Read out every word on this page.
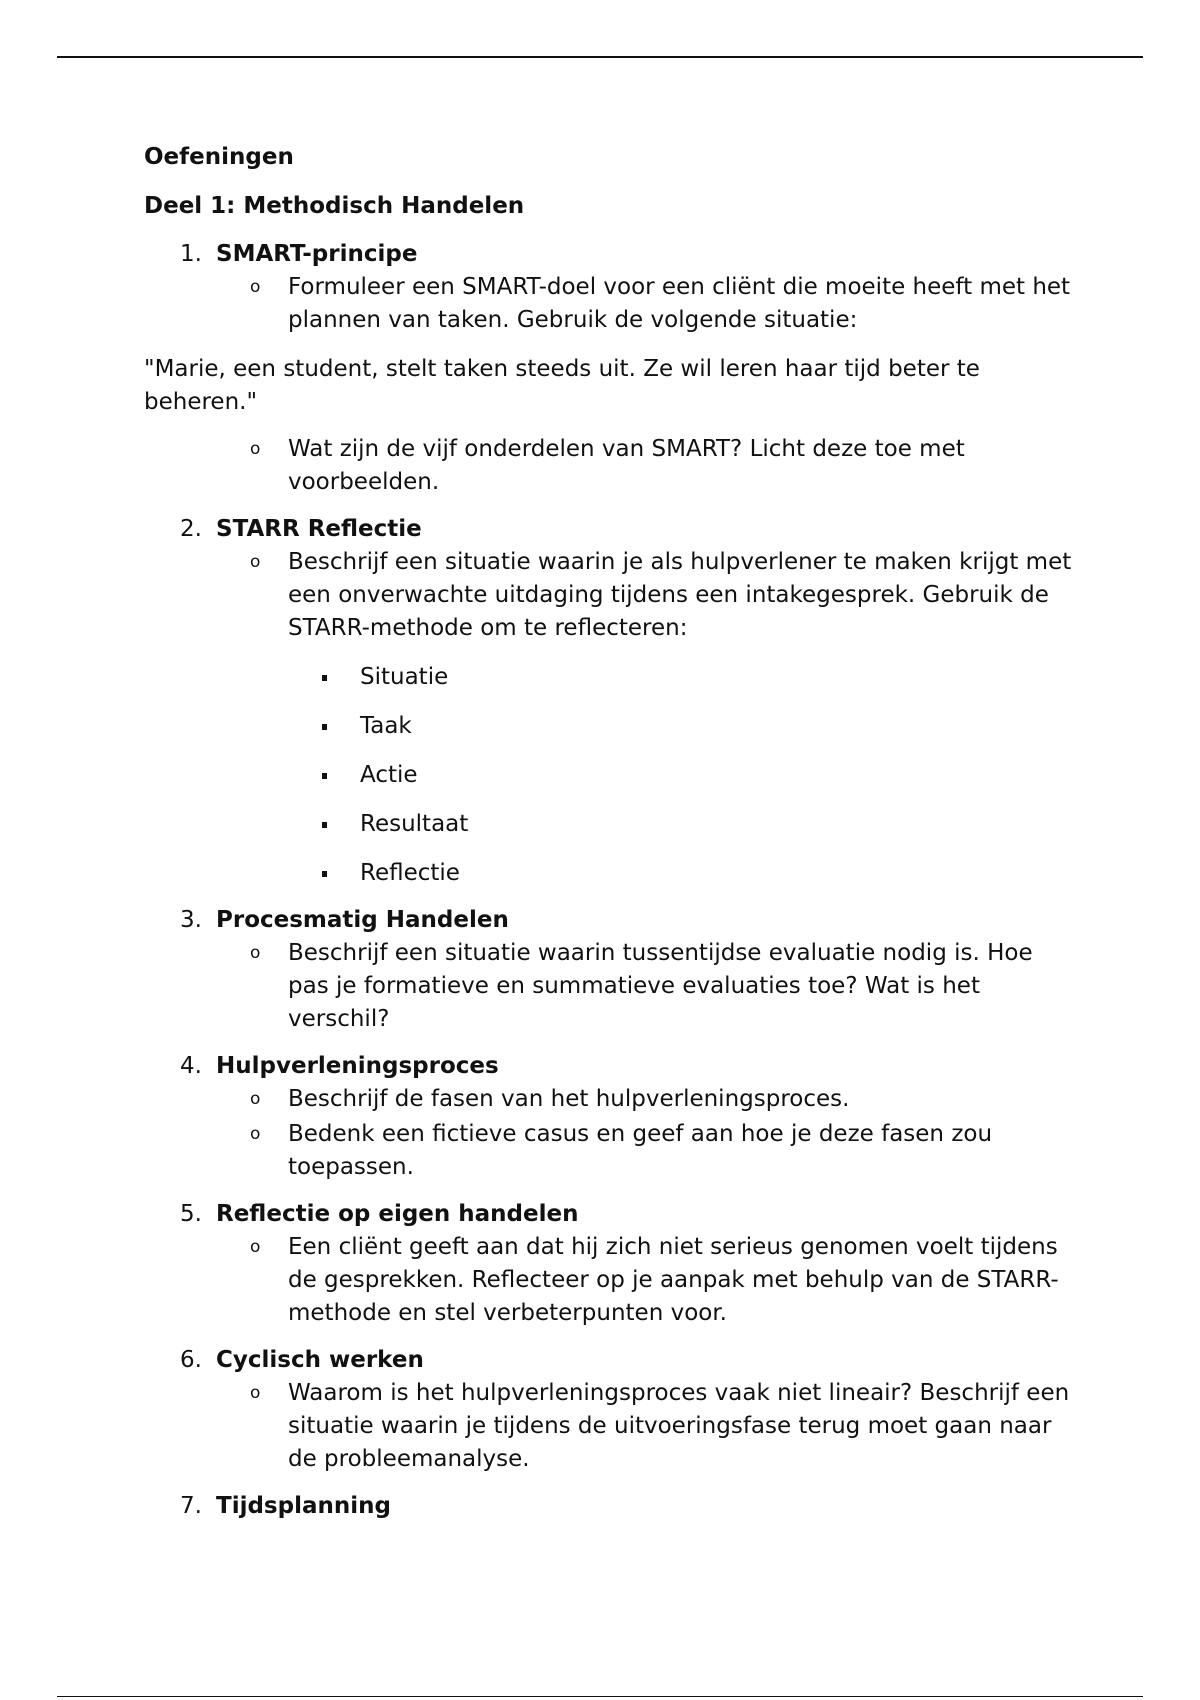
Oefeningen

Deel 1: Methodisch Handelen

1. SMART-principe
o Formuleer een SMART-doel voor een cliënt die moeite heeft met het plannen van taken. Gebruik de volgende situatie:

"Marie, een student, stelt taken steeds uit. Ze wil leren haar tijd beter te beheren."

o Wat zijn de vijf onderdelen van SMART? Licht deze toe met voorbeelden.
2. STARR Reflectie
o Beschrijf een situatie waarin je als hulpverlener te maken krijgt met een onverwachte uitdaging tijdens een intakegesprek. Gebruik de STARR-methode om te reflecteren:
Situatie
Taak
Actie
Resultaat
Reflectie
3. Procesmatig Handelen
o Beschrijf een situatie waarin tussentijdse evaluatie nodig is. Hoe pas je formatieve en summatieve evaluaties toe? Wat is het verschil?
4. Hulpverleningsproces
o Beschrijf de fasen van het hulpverleningsproces.
o Bedenk een fictieve casus en geef aan hoe je deze fasen zou toepassen.
5. Reflectie op eigen handelen
o Een cliënt geeft aan dat hij zich niet serieus genomen voelt tijdens de gesprekken. Reflecteer op je aanpak met behulp van de STARR-methode en stel verbeterpunten voor.
6. Cyclisch werken
o Waarom is het hulpverleningsproces vaak niet lineair? Beschrijf een situatie waarin je tijdens de uitvoeringsfase terug moet gaan naar de probleemanalyse.
7. Tijdsplanning
